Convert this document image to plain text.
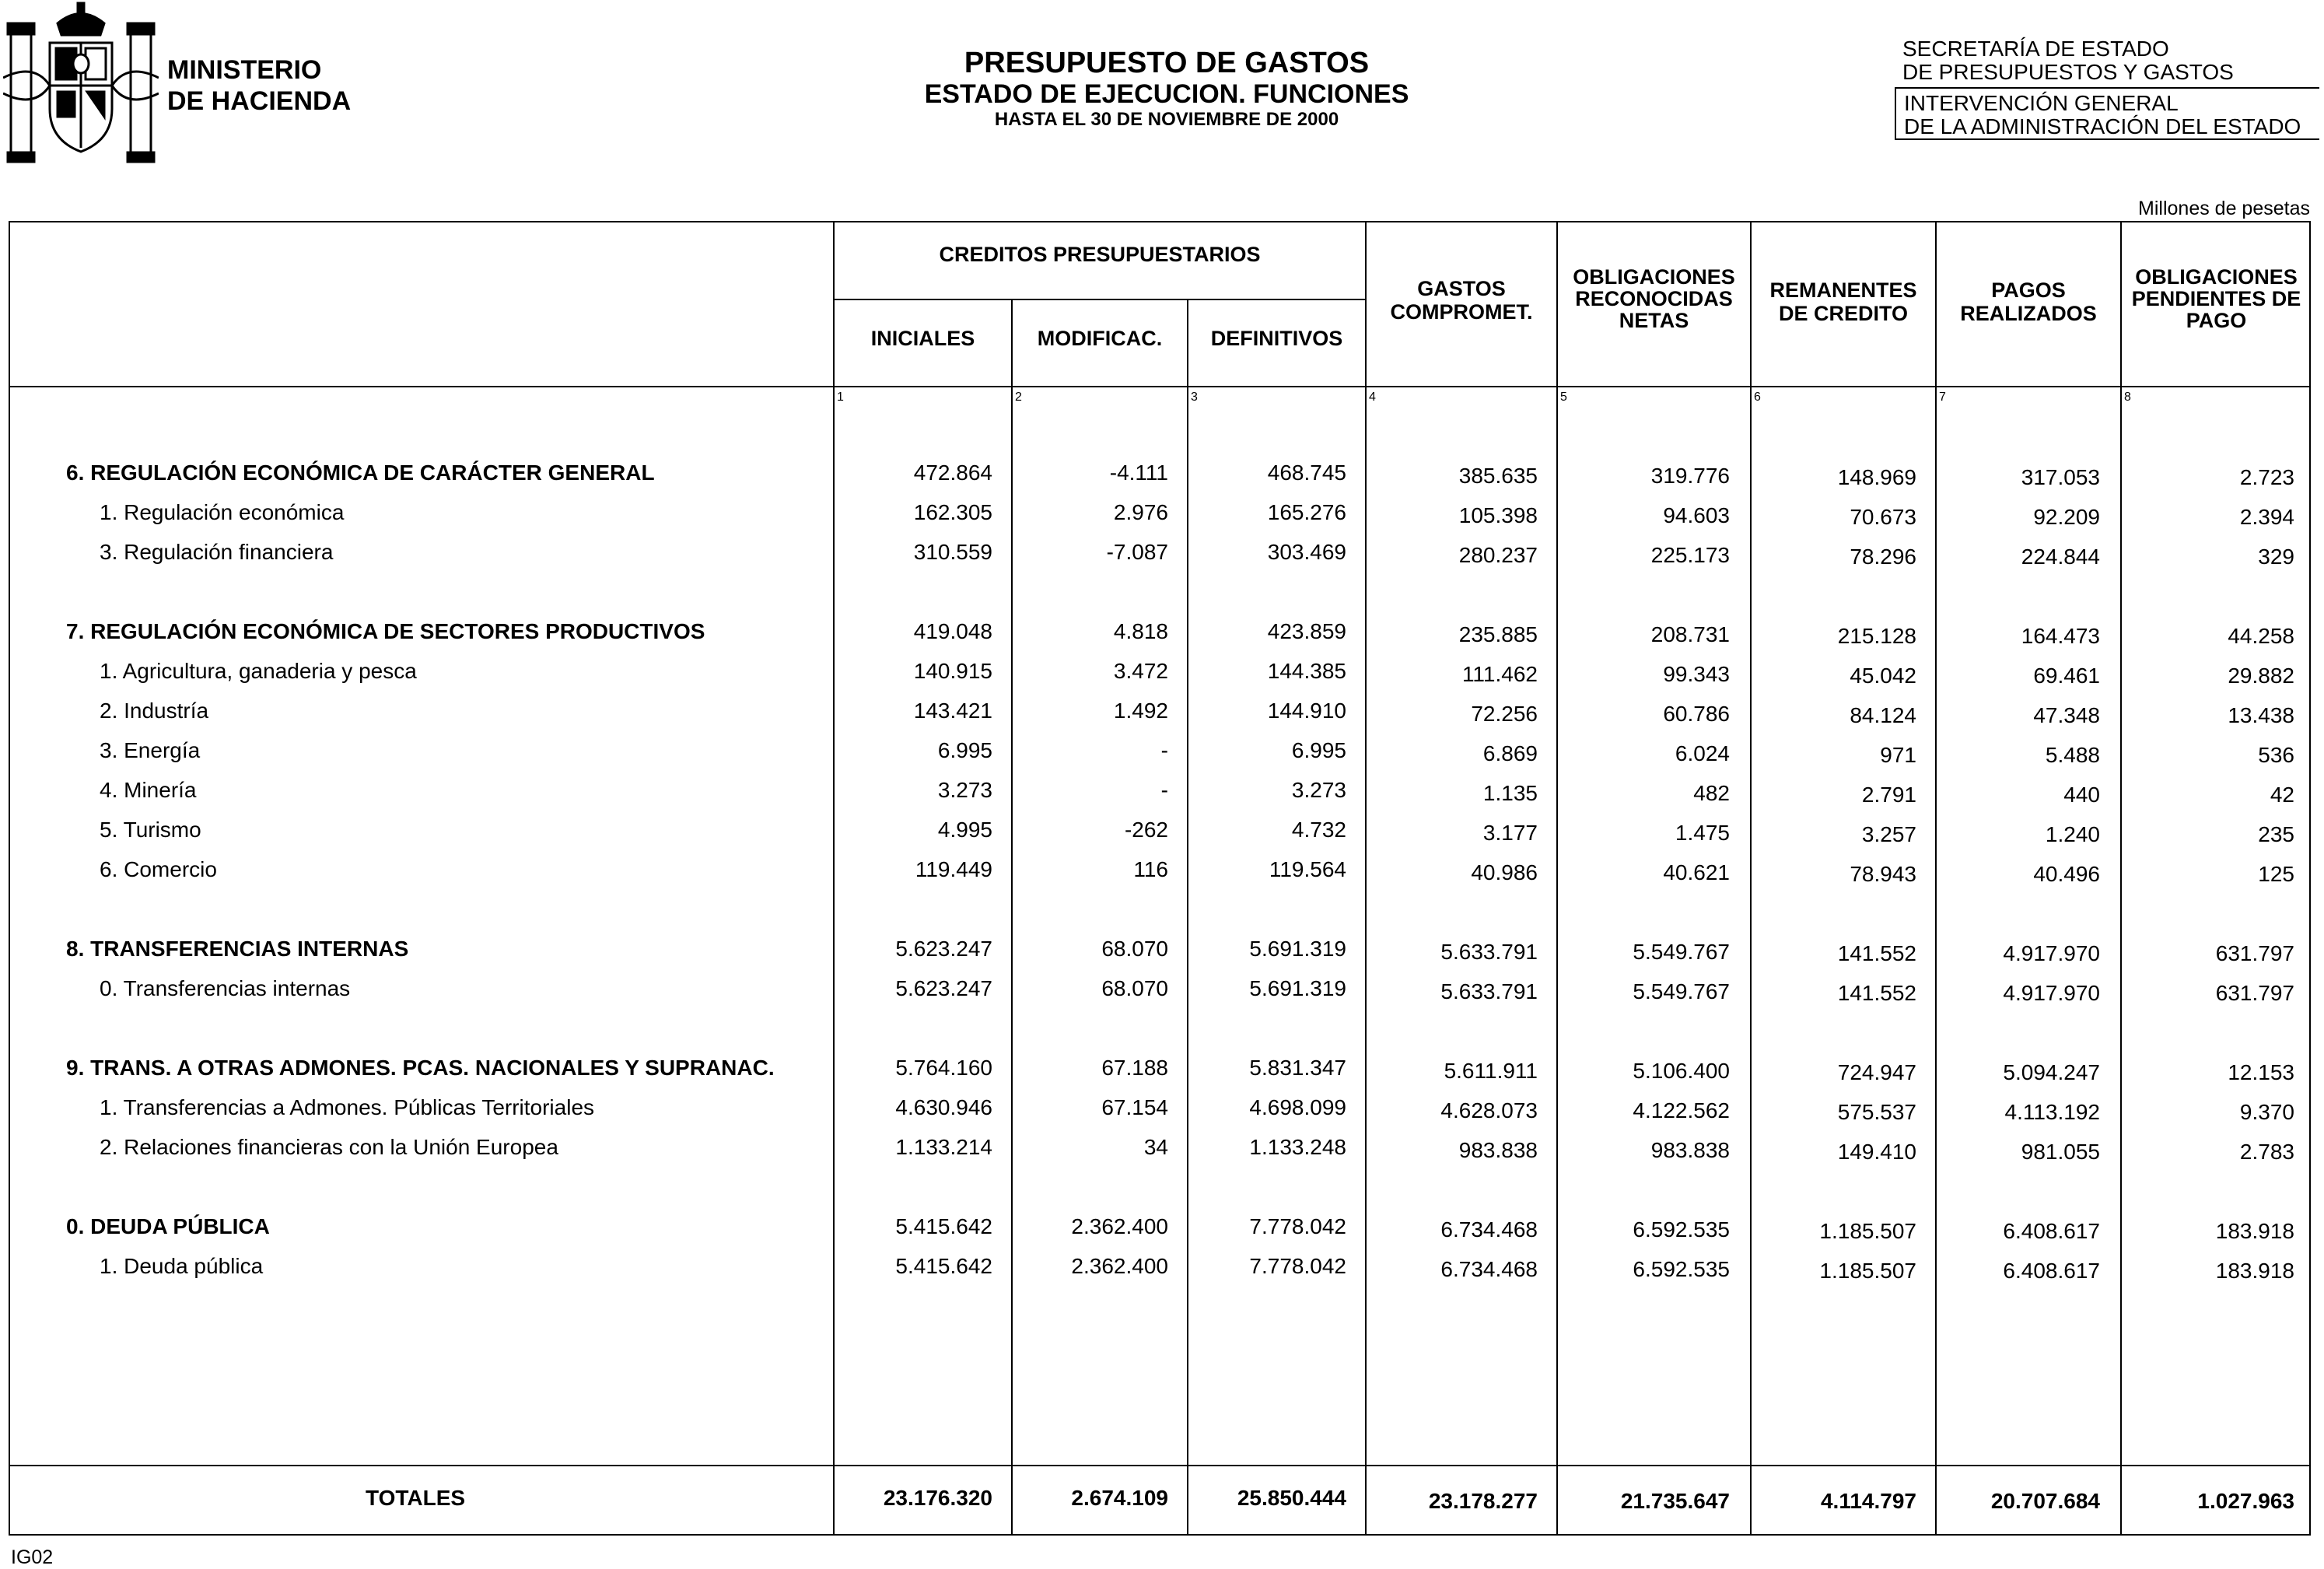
MINISTERIO
DE HACIENDA
PRESUPUESTO DE GASTOS
ESTADO DE EJECUCION. FUNCIONES
HASTA EL 30 DE NOVIEMBRE DE 2000
SECRETARÍA DE ESTADO
DE PRESUPUESTOS Y GASTOS
INTERVENCIÓN GENERAL
DE LA ADMINISTRACIÓN DEL ESTADO
Millones de pesetas
CREDITOS PRESUPUESTARIOS
INICIALES	MODIFICAC.	DEFINITIVOS
GASTOS
COMPROMET.
OBLIGACIONES
RECONOCIDAS
NETAS
REMANENTES
DE CREDITO
PAGOS
REALIZADOS
OBLIGACIONES
PENDIENTES DE
PAGO
1	2	3	4	5	6	7	8
6. REGULACIÓN ECONÓMICA DE CARÁCTER GENERAL	472.864	-4.111	468.745	385.635	319.776	148.969	317.053	2.723
1. Regulación económica	162.305	2.976	165.276	105.398	94.603	70.673	92.209	2.394
3. Regulación financiera	310.559	-7.087	303.469	280.237	225.173	78.296	224.844	329
7. REGULACIÓN ECONÓMICA DE SECTORES PRODUCTIVOS	419.048	4.818	423.859	235.885	208.731	215.128	164.473	44.258
1. Agricultura, ganaderia y pesca	140.915	3.472	144.385	111.462	99.343	45.042	69.461	29.882
2. Industría	143.421	1.492	144.910	72.256	60.786	84.124	47.348	13.438
3. Energía	6.995	-	6.995	6.869	6.024	971	5.488	536
4. Minería	3.273	-	3.273	1.135	482	2.791	440	42
5. Turismo	4.995	-262	4.732	3.177	1.475	3.257	1.240	235
6. Comercio	119.449	116	119.564	40.986	40.621	78.943	40.496	125
8. TRANSFERENCIAS INTERNAS	5.623.247	68.070	5.691.319	5.633.791	5.549.767	141.552	4.917.970	631.797
0. Transferencias internas	5.623.247	68.070	5.691.319	5.633.791	5.549.767	141.552	4.917.970	631.797
9. TRANS. A OTRAS ADMONES. PCAS. NACIONALES Y SUPRANAC.	5.764.160	67.188	5.831.347	5.611.911	5.106.400	724.947	5.094.247	12.153
1. Transferencias a Admones. Públicas Territoriales	4.630.946	67.154	4.698.099	4.628.073	4.122.562	575.537	4.113.192	9.370
2. Relaciones financieras con la Unión Europea	1.133.214	34	1.133.248	983.838	983.838	149.410	981.055	2.783
0. DEUDA PÚBLICA	5.415.642	2.362.400	7.778.042	6.734.468	6.592.535	1.185.507	6.408.617	183.918
1. Deuda pública	5.415.642	2.362.400	7.778.042	6.734.468	6.592.535	1.185.507	6.408.617	183.918
TOTALES	23.176.320	2.674.109	25.850.444	23.178.277	21.735.647	4.114.797	20.707.684	1.027.963
IG02
